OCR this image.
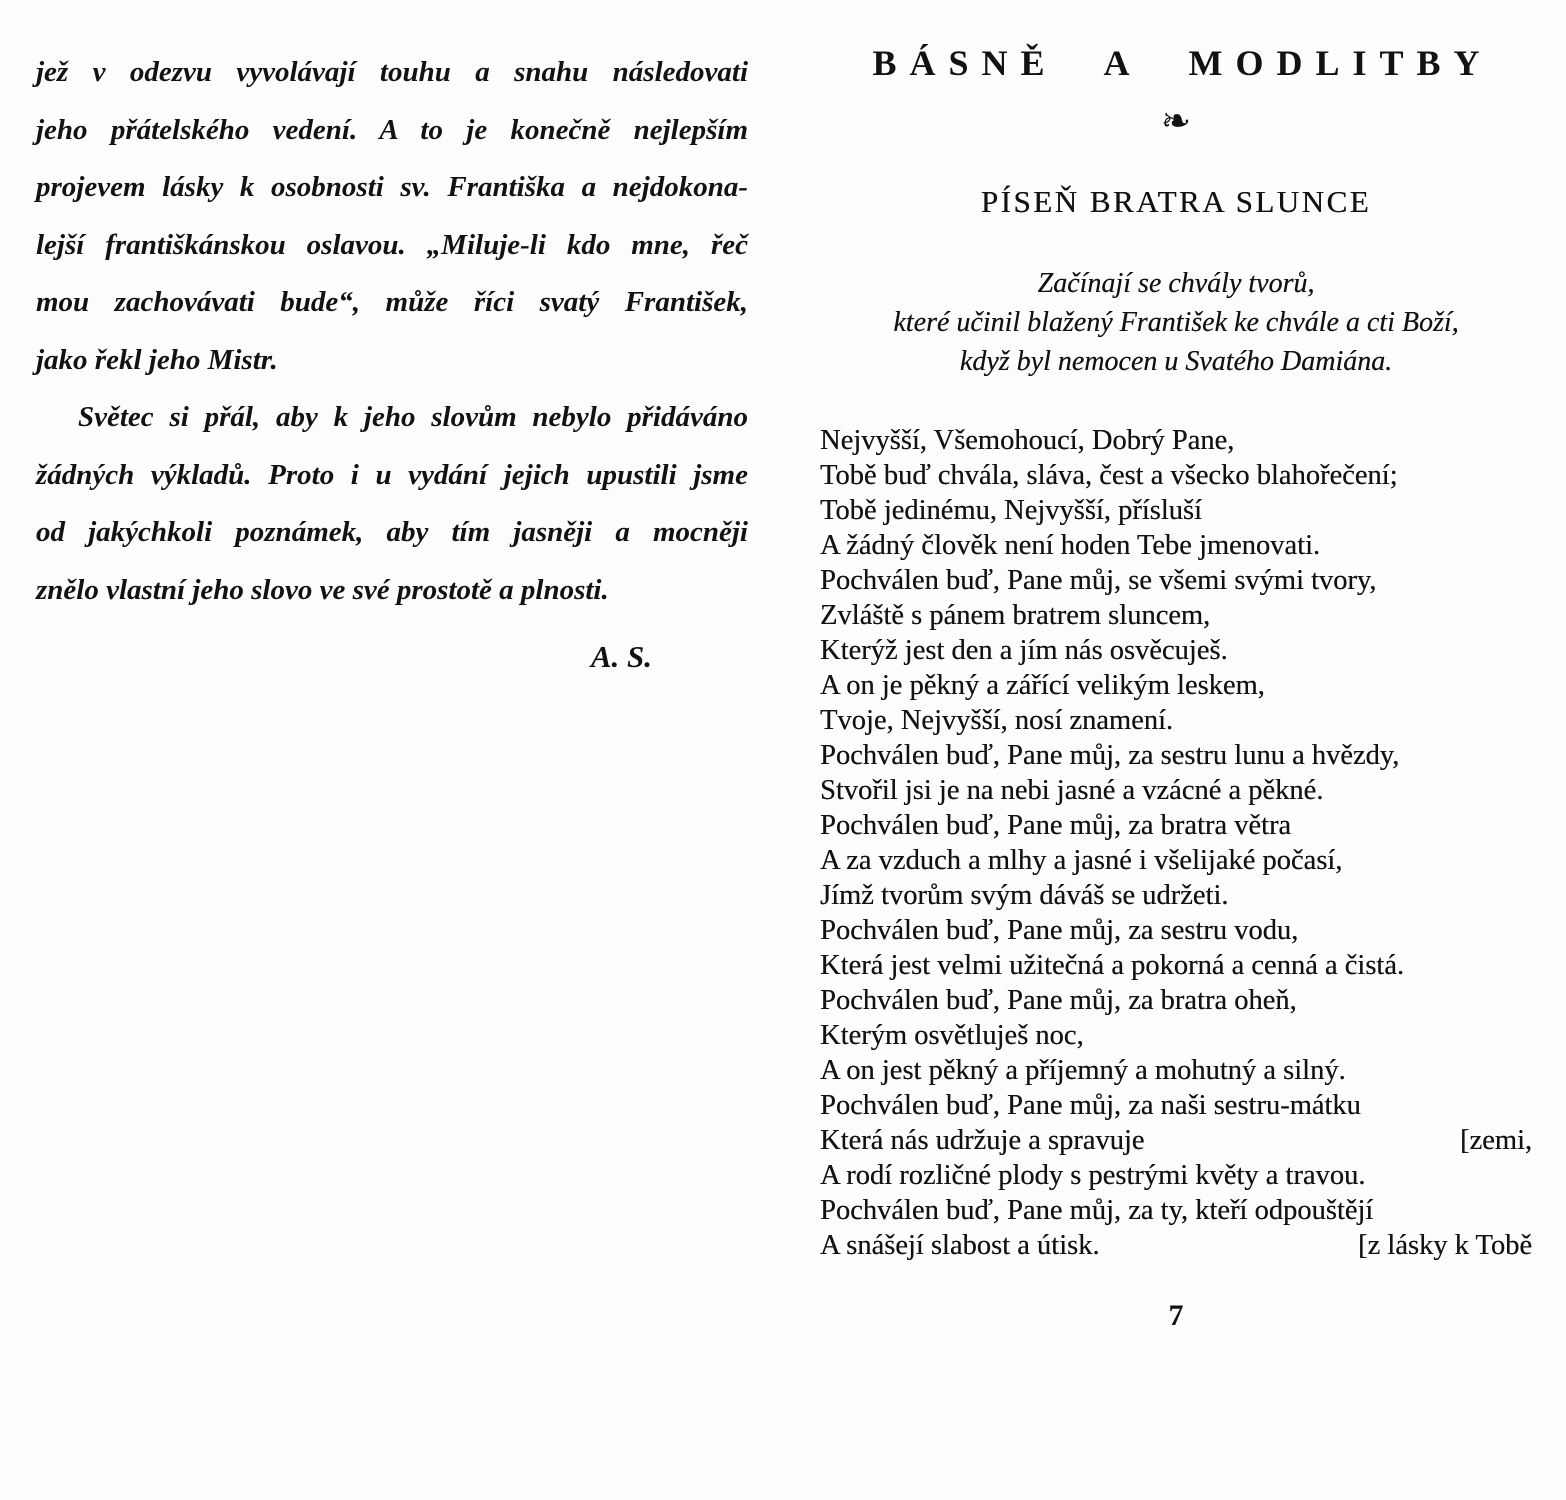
jež v odezvu vyvolávají touhu a snahu následovati
jeho přátelského vedení. A to je konečně nejlepším
projevem lásky k osobnosti sv. Františka a nejdokona-
lejší františkánskou oslavou. „Miluje-li kdo mne, řeč
mou zachovávati bude“, může říci svatý František,
jako řekl jeho Mistr.
Světec si přál, aby k jeho slovům nebylo přidáváno
žádných výkladů. Proto i u vydání jejich upustili jsme
od jakýchkoli poznámek, aby tím jasněji a mocněji
znělo vlastní jeho slovo ve své prostotě a plnosti.
A. S.
BÁSNĚ A MODLITBY
❧
PÍSEŇ BRATRA SLUNCE
Začínají se chvály tvorů,
které učinil blažený František ke chvále a cti Boží,
když byl nemocen u Svatého Damiána.
Nejvyšší, Všemohoucí, Dobrý Pane,
Tobě buď chvála, sláva, čest a všecko blahořečení;
Tobě jedinému, Nejvyšší, přísluší
A žádný člověk není hoden Tebe jmenovati.
Pochválen buď, Pane můj, se všemi svými tvory,
Zvláště s pánem bratrem sluncem,
Kterýž jest den a jím nás osvěcuješ.
A on je pěkný a zářící velikým leskem,
Tvoje, Nejvyšší, nosí znamení.
Pochválen buď, Pane můj, za sestru lunu a hvězdy,
Stvořil jsi je na nebi jasné a vzácné a pěkné.
Pochválen buď, Pane můj, za bratra větra
A za vzduch a mlhy a jasné i všelijaké počasí,
Jímž tvorům svým dáváš se udržeti.
Pochválen buď, Pane můj, za sestru vodu,
Která jest velmi užitečná a pokorná a cenná a čistá.
Pochválen buď, Pane můj, za bratra oheň,
Kterým osvětluješ noc,
A on jest pěkný a příjemný a mohutný a silný.
Pochválen buď, Pane můj, za naši sestru-mátku
Která nás udržuje a spravuje	[zemi,
A rodí rozličné plody s pestrými květy a travou.
Pochválen buď, Pane můj, za ty, kteří odpouštějí
A snášejí slabost a útisk.	[z lásky k Tobě
7
